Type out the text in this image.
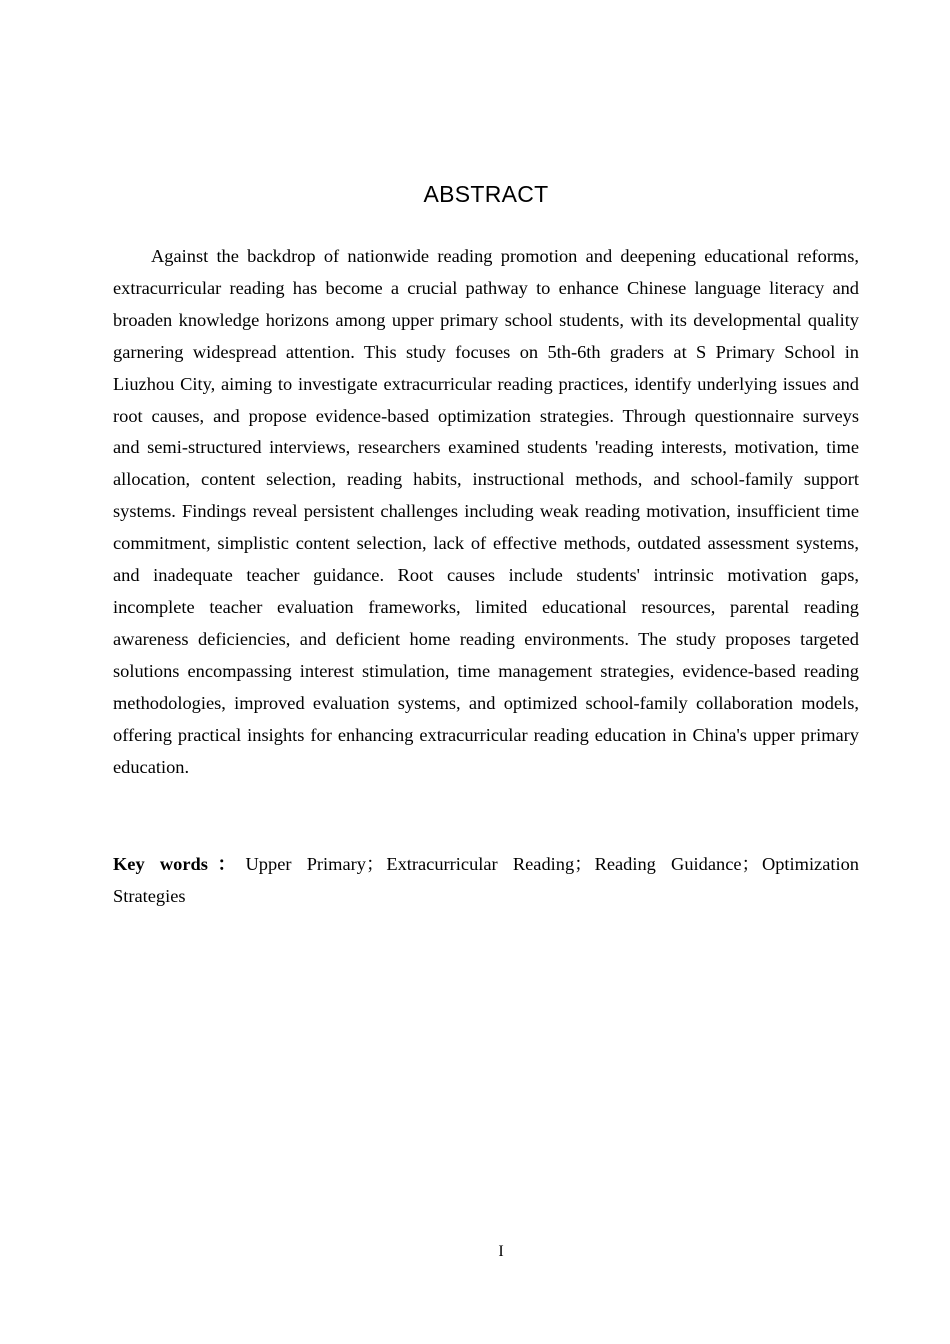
ABSTRACT

Against the backdrop of nationwide reading promotion and deepening educational reforms, extracurricular reading has become a crucial pathway to enhance Chinese language literacy and broaden knowledge horizons among upper primary school students, with its developmental quality garnering widespread attention. This study focuses on 5th-6th graders at S Primary School in Liuzhou City, aiming to investigate extracurricular reading practices, identify underlying issues and root causes, and propose evidence-based optimization strategies. Through questionnaire surveys and semi-structured interviews, researchers examined students 'reading interests, motivation, time allocation, content selection, reading habits, instructional methods, and school-family support systems. Findings reveal persistent challenges including weak reading motivation, insufficient time commitment, simplistic content selection, lack of effective methods, outdated assessment systems, and inadequate teacher guidance. Root causes include students' intrinsic motivation gaps, incomplete teacher evaluation frameworks, limited educational resources, parental reading awareness deficiencies, and deficient home reading environments. The study proposes targeted solutions encompassing interest stimulation, time management strategies, evidence-based reading methodologies, improved evaluation systems, and optimized school-family collaboration models, offering practical insights for enhancing extracurricular reading education in China's upper primary education.

Key words：Upper Primary； Extracurricular Reading； Reading Guidance； Optimization Strategies

I
